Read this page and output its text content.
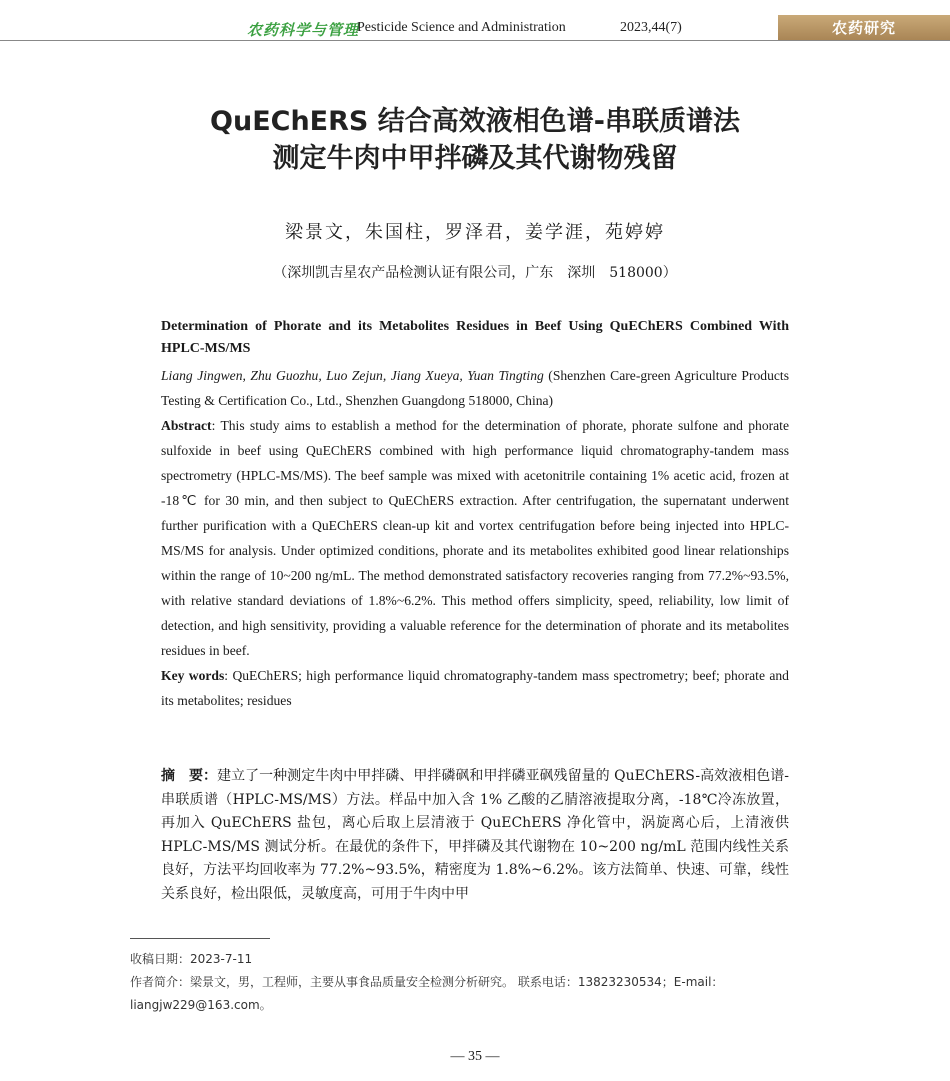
农药科学与管理
Pesticide Science and Administration	2023,44(7)	农药研究
QuEChERS 结合高效液相色谱-串联质谱法
测定牛肉中甲拌磷及其代谢物残留
梁景文，朱国柱，罗泽君，姜学涯，苑婷婷
（深圳凯吉星农产品检测认证有限公司，广东　深圳　518000）
Determination of Phorate and its Metabolites Residues in Beef Using QuEChERS Combined With HPLC-MS/MS
Liang Jingwen, Zhu Guozhu, Luo Zejun, Jiang Xueya, Yuan Tingting (Shenzhen Care-green Agriculture Products Testing & Certification Co., Ltd., Shenzhen Guangdong 518000, China)
Abstract: This study aims to establish a method for the determination of phorate, phorate sulfone and phorate sulfoxide in beef using QuEChERS combined with high performance liquid chromatography-tandem mass spectrometry (HPLC-MS/MS). The beef sample was mixed with acetonitrile containing 1% acetic acid, frozen at -18℃ for 30 min, and then subject to QuEChERS extraction. After centrifugation, the supernatant underwent further purification with a QuEChERS clean-up kit and vortex centrifugation before being injected into HPLC-MS/MS for analysis. Under optimized conditions, phorate and its metabolites exhibited good linear relationships within the range of 10~200 ng/mL. The method demonstrated satisfactory recoveries ranging from 77.2%~93.5%, with relative standard deviations of 1.8%~6.2%. This method offers simplicity, speed, reliability, low limit of detection, and high sensitivity, providing a valuable reference for the determination of phorate and its metabolites residues in beef.
Key words: QuEChERS; high performance liquid chromatography-tandem mass spectrometry; beef; phorate and its metabolites; residues
摘　要：建立了一种测定牛肉中甲拌磷、甲拌磷砜和甲拌磷亚砜残留量的 QuEChERS-高效液相色谱-串联质谱（HPLC-MS/MS）方法。样品中加入含 1% 乙酸的乙腈溶液提取分离，-18℃冷冻放置，再加入 QuEChERS 盐包，离心后取上层清液于 QuEChERS 净化管中，涡旋离心后，上清液供 HPLC-MS/MS 测试分析。在最优的条件下，甲拌磷及其代谢物在 10~200 ng/mL 范围内线性关系良好，方法平均回收率为 77.2%~93.5%，精密度为 1.8%~6.2%。该方法简单、快速、可靠，线性关系良好，检出限低，灵敏度高，可用于牛肉中甲
收稿日期：2023-7-11
作者简介：梁景文，男，工程师，主要从事食品质量安全检测分析研究。 联系电话：13823230534；E-mail：liangjw229@163.com。
— 35 —
